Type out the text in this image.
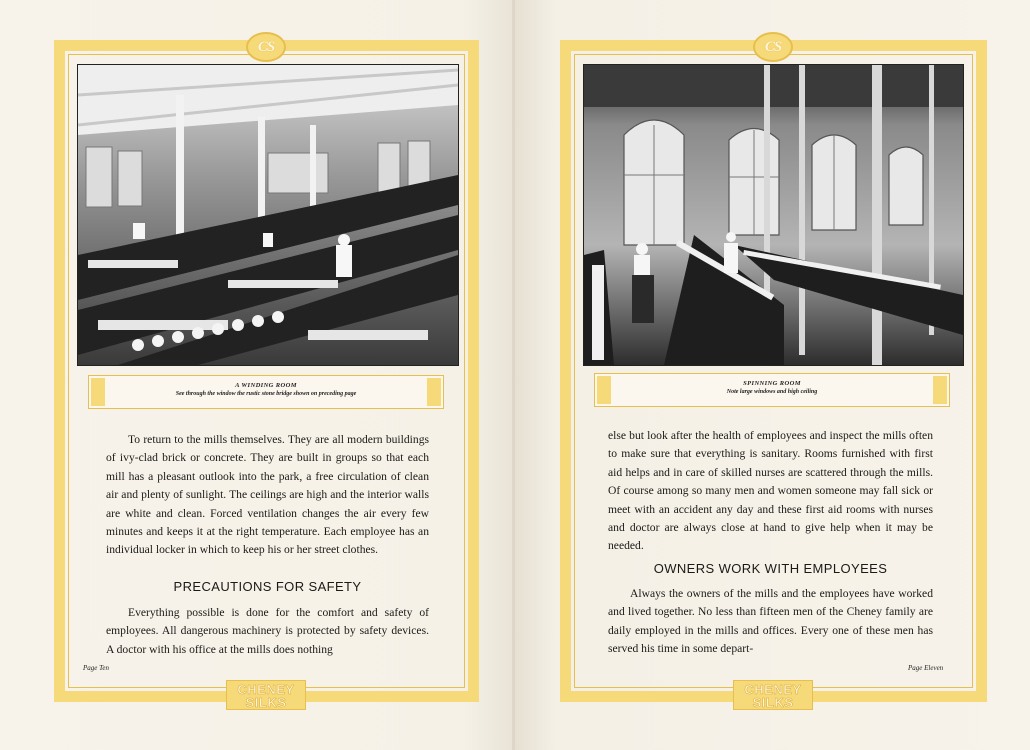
CS
CHENEY
SILKS
A WINDING ROOM
See through the window the rustic stone bridge shown on preceding page

To return to the mills themselves. They are all modern buildings of ivy-clad brick or concrete. They are built in groups so that each mill has a pleasant outlook into the park, a free circulation of clean air and plenty of sunlight. The ceilings are high and the interior walls are white and clean. Forced ventilation changes the air every few minutes and keeps it at the right temperature. Each employee has an individual locker in which to keep his or her street clothes.

PRECAUTIONS FOR SAFETY

Everything possible is done for the comfort and safety of employees. All dangerous machinery is protected by safety devices. A doctor with his office at the mills does nothing

Page Ten
CS
CHENEY
SILKS
SPINNING ROOM
Note large windows and high ceiling

else but look after the health of employees and inspect the mills often to make sure that everything is sanitary. Rooms furnished with first aid helps and in care of skilled nurses are scattered through the mills. Of course among so many men and women someone may fall sick or meet with an accident any day and these first aid rooms with nurses and doctor are always close at hand to give help when it may be needed.

OWNERS WORK WITH EMPLOYEES

Always the owners of the mills and the employees have worked and lived together. No less than fifteen men of the Cheney family are daily employed in the mills and offices. Every one of these men has served his time in some depart-

Page Eleven
